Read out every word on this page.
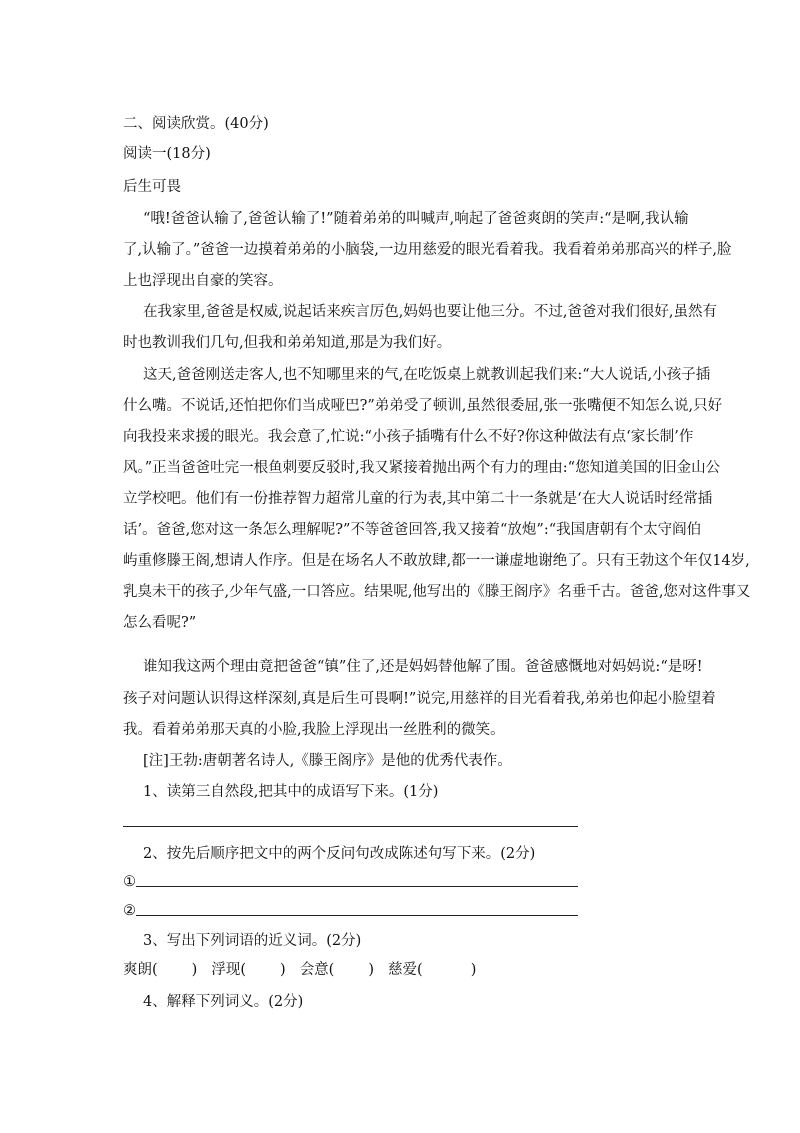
二、阅读欣赏。(40分)
阅读一(18分)
后生可畏
“哦!爸爸认输了,爸爸认输了!”随着弟弟的叫喊声,响起了爸爸爽朗的笑声:“是啊,我认输
了,认输了。”爸爸一边摸着弟弟的小脑袋,一边用慈爱的眼光看着我。我看着弟弟那高兴的样子,脸
上也浮现出自豪的笑容。
在我家里,爸爸是权威,说起话来疾言厉色,妈妈也要让他三分。不过,爸爸对我们很好,虽然有
时也教训我们几句,但我和弟弟知道,那是为我们好。
这天,爸爸刚送走客人,也不知哪里来的气,在吃饭桌上就教训起我们来:“大人说话,小孩子插
什么嘴。不说话,还怕把你们当成哑巴?”弟弟受了顿训,虽然很委屈,张一张嘴便不知怎么说,只好
向我投来求援的眼光。我会意了,忙说:“小孩子插嘴有什么不好?你这种做法有点‘家长制’作
风。”正当爸爸吐完一根鱼刺要反驳时,我又紧接着抛出两个有力的理由:“您知道美国的旧金山公
立学校吧。他们有一份推荐智力超常儿童的行为表,其中第二十一条就是‘在大人说话时经常插
话’。爸爸,您对这一条怎么理解呢?”不等爸爸回答,我又接着“放炮”:“我国唐朝有个太守阎伯
屿重修滕王阁,想请人作序。但是在场名人不敢放肆,都一一谦虚地谢绝了。只有王勃这个年仅14岁,
乳臭未干的孩子,少年气盛,一口答应。结果呢,他写出的《滕王阁序》名垂千古。爸爸,您对这件事又
怎么看呢?”
谁知我这两个理由竟把爸爸“镇”住了,还是妈妈替他解了围。爸爸感慨地对妈妈说:“是呀!
孩子对问题认识得这样深刻,真是后生可畏啊!”说完,用慈祥的目光看着我,弟弟也仰起小脸望着
我。看着弟弟那天真的小脸,我脸上浮现出一丝胜利的微笑。
[注]王勃:唐朝著名诗人,《滕王阁序》是他的优秀代表作。
1、读第三自然段,把其中的成语写下来。(1分)
2、按先后顺序把文中的两个反问句改成陈述句写下来。(2分)
①
②
3、写出下列词语的近义词。(2分)
爽朗( ) 浮现( ) 会意( ) 慈爱(	)
4、解释下列词义。(2分)
